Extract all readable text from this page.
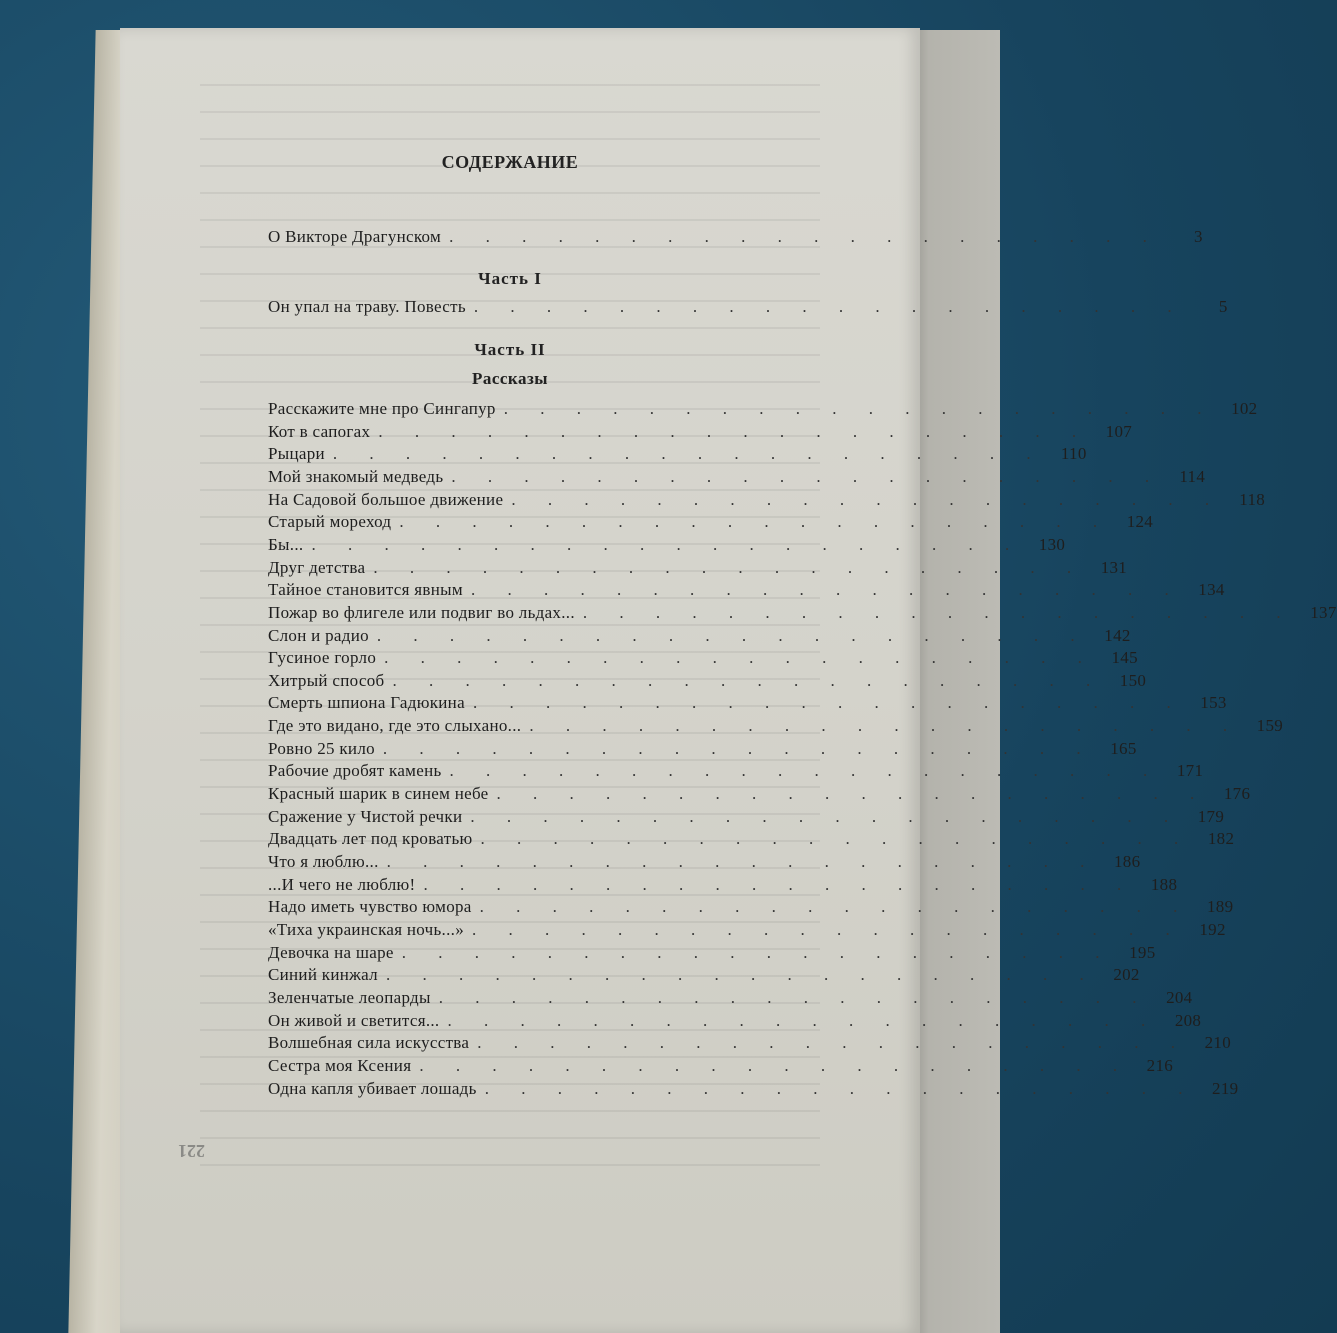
СОДЕРЖАНИЕ
О Викторе Драгунском . . . . . . . . . . . . . . . . . . . .	3
Часть I
Он упал на траву. Повесть . . . . . . . . . . . . . . . . . . . .	5
Часть II
Рассказы
Расскажите мне про Сингапур . . . . . . . . . . . . . . . . . . . . 102
Кот в сапогах . . . . . . . . . . . . . . . . . . . . 107
Рыцари . . . . . . . . . . . . . . . . . . . . 110
Мой знакомый медведь . . . . . . . . . . . . . . . . . . . . 114
На Садовой большое движение . . . . . . . . . . . . . . . . . . . . 118
Старый мореход . . . . . . . . . . . . . . . . . . . . 124
Бы... . . . . . . . . . . . . . . . . . . . . 130
Друг детства . . . . . . . . . . . . . . . . . . . . 131
Тайное становится явным . . . . . . . . . . . . . . . . . . . . 134
Пожар во флигеле или подвиг во льдах... . . . . . . . . . . . . . . . . . . . . 137
Слон и радио . . . . . . . . . . . . . . . . . . . . 142
Гусиное горло . . . . . . . . . . . . . . . . . . . . 145
Хитрый способ . . . . . . . . . . . . . . . . . . . . 150
Смерть шпиона Гадюкина . . . . . . . . . . . . . . . . . . . . 153
Где это видано, где это слыхано... . . . . . . . . . . . . . . . . . . . . 159
Ровно 25 кило . . . . . . . . . . . . . . . . . . . . 165
Рабочие дробят камень . . . . . . . . . . . . . . . . . . . . 171
Красный шарик в синем небе . . . . . . . . . . . . . . . . . . . . 176
Сражение у Чистой речки . . . . . . . . . . . . . . . . . . . . 179
Двадцать лет под кроватью . . . . . . . . . . . . . . . . . . . . 182
Что я люблю... . . . . . . . . . . . . . . . . . . . . 186
...И чего не люблю! . . . . . . . . . . . . . . . . . . . . 188
Надо иметь чувство юмора . . . . . . . . . . . . . . . . . . . . 189
«Тиха украинская ночь...» . . . . . . . . . . . . . . . . . . . . 192
Девочка на шаре . . . . . . . . . . . . . . . . . . . . 195
Синий кинжал . . . . . . . . . . . . . . . . . . . . 202
Зеленчатые леопарды . . . . . . . . . . . . . . . . . . . . 204
Он живой и светится... . . . . . . . . . . . . . . . . . . . . 208
Волшебная сила искусства . . . . . . . . . . . . . . . . . . . . 210
Сестра моя Ксения . . . . . . . . . . . . . . . . . . . . 216
Одна капля убивает лошадь . . . . . . . . . . . . . . . . . . . . 219
221
